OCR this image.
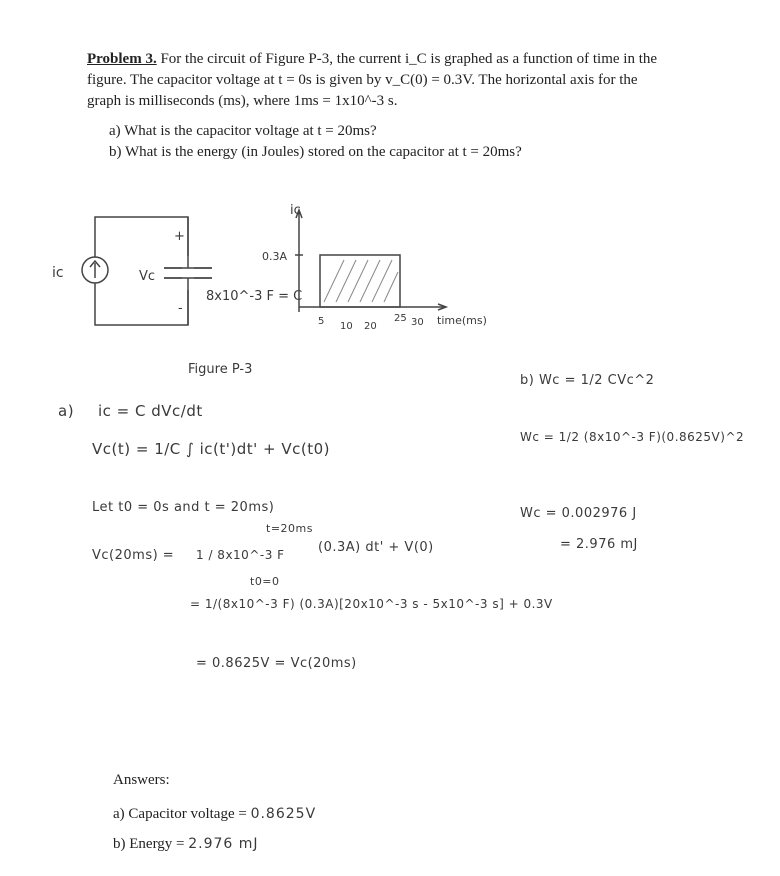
Problem 3. For the circuit of Figure P-3, the current i_C is graphed as a function of time in the
figure. The capacitor voltage at t = 0s is given by v_C(0) = 0.3V. The horizontal axis for the
graph is milliseconds (ms), where 1ms = 1x10^-3 s.
a) What is the capacitor voltage at t = 20ms?
b) What is the energy (in Joules) stored on the capacitor at t = 20ms?
ic	Vc
+
-
8x10^-3 F = C
ic
0.3A
5 10 20
25 30 time(ms)
Figure P-3
a) ic = C dVc/dt
Vc(t) = 1/C ∫ ic(t')dt' + Vc(t0)
Let t0 = 0s and t = 20ms)
Vc(20ms) = 1 / 8x10^-3 F
t=20ms
t0=0
(0.3A) dt' + V(0)
= 1/(8x10^-3 F) (0.3A)[20x10^-3 s - 5x10^-3 s] + 0.3V
= 0.8625V = Vc(20ms)
b) Wc = 1/2 CVc^2
Wc = 1/2 (8x10^-3 F)(0.8625V)^2
Wc = 0.002976 J
= 2.976 mJ
Answers:
a) Capacitor voltage = 0.8625V
b) Energy = 2.976 mJ
